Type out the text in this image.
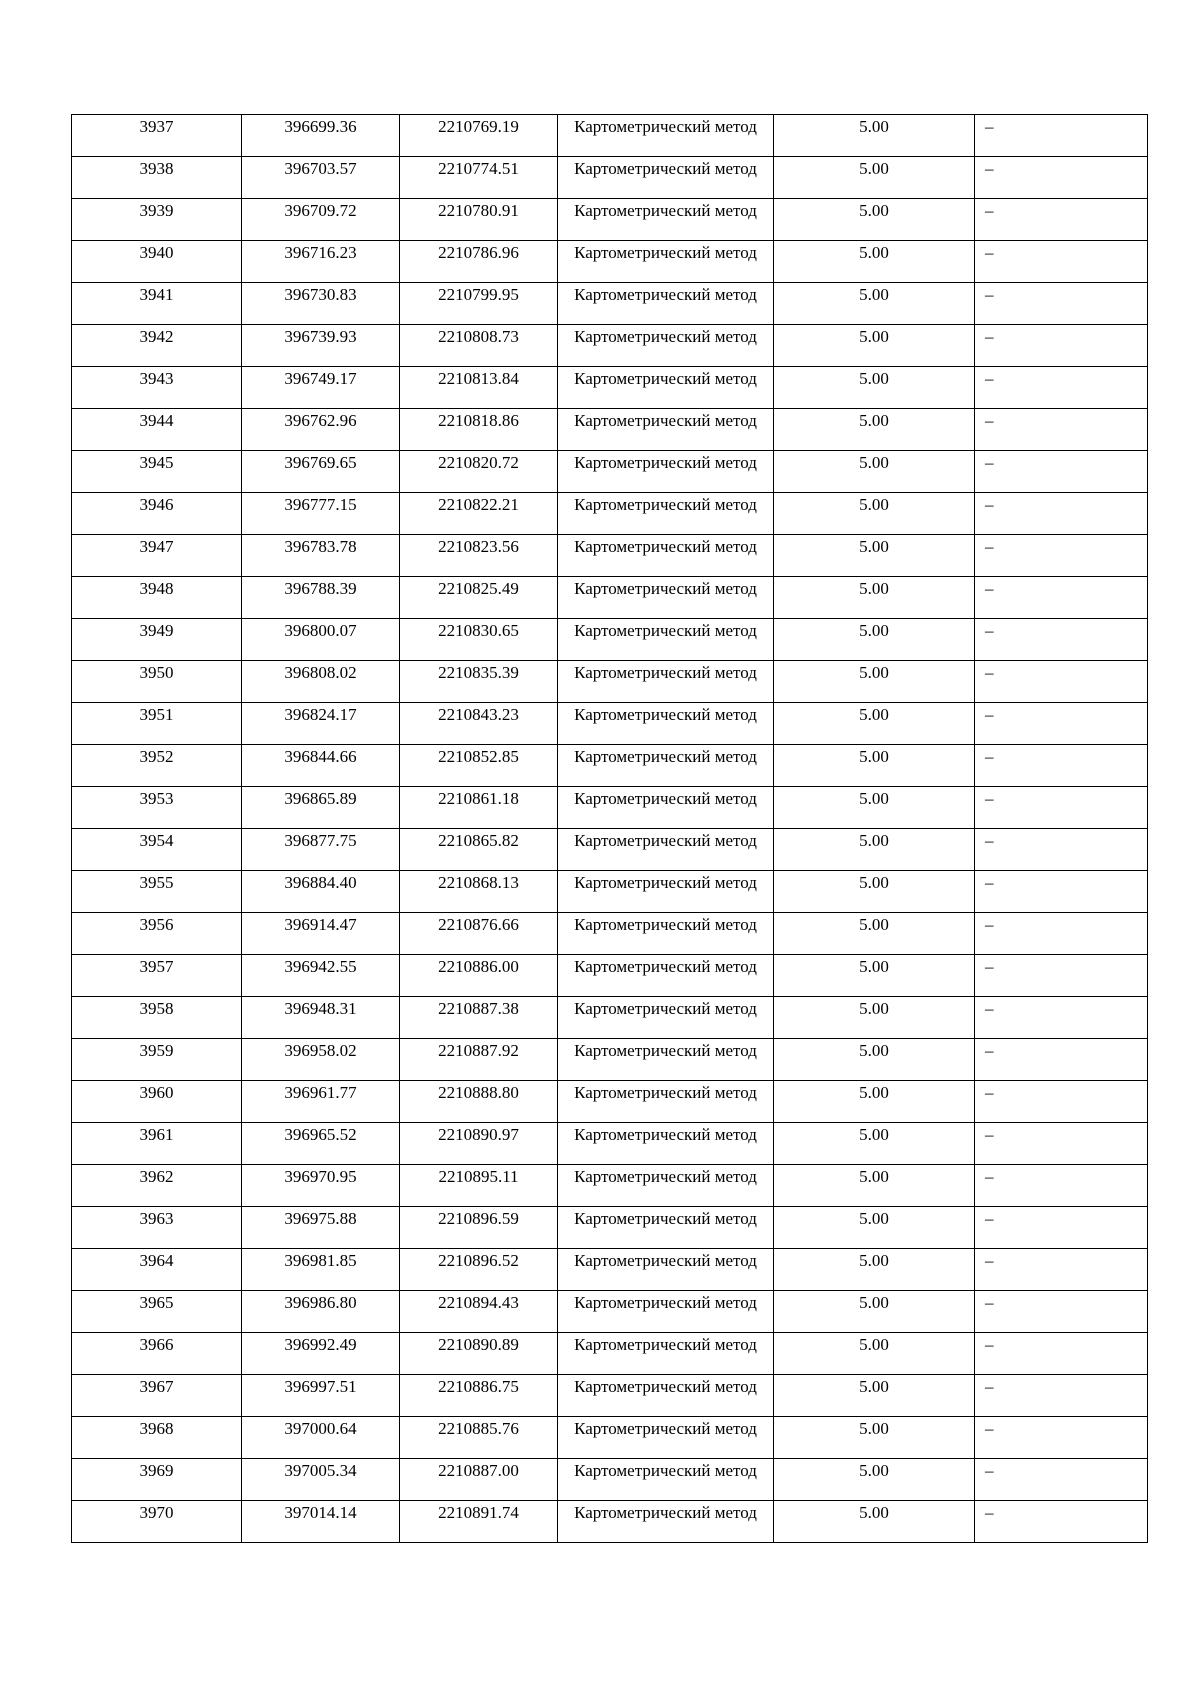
3937	396699.36	2210769.19	Картометрический метод	5.00	–

3938	396703.57	2210774.51	Картометрический метод	5.00	–

3939	396709.72	2210780.91	Картометрический метод	5.00	–

3940	396716.23	2210786.96	Картометрический метод	5.00	–

3941	396730.83	2210799.95	Картометрический метод	5.00	–

3942	396739.93	2210808.73	Картометрический метод	5.00	–

3943	396749.17	2210813.84	Картометрический метод	5.00	–

3944	396762.96	2210818.86	Картометрический метод	5.00	–

3945	396769.65	2210820.72	Картометрический метод	5.00	–

3946	396777.15	2210822.21	Картометрический метод	5.00	–

3947	396783.78	2210823.56	Картометрический метод	5.00	–

3948	396788.39	2210825.49	Картометрический метод	5.00	–

3949	396800.07	2210830.65	Картометрический метод	5.00	–

3950	396808.02	2210835.39	Картометрический метод	5.00	–

3951	396824.17	2210843.23	Картометрический метод	5.00	–

3952	396844.66	2210852.85	Картометрический метод	5.00	–

3953	396865.89	2210861.18	Картометрический метод	5.00	–

3954	396877.75	2210865.82	Картометрический метод	5.00	–

3955	396884.40	2210868.13	Картометрический метод	5.00	–

3956	396914.47	2210876.66	Картометрический метод	5.00	–

3957	396942.55	2210886.00	Картометрический метод	5.00	–

3958	396948.31	2210887.38	Картометрический метод	5.00	–

3959	396958.02	2210887.92	Картометрический метод	5.00	–

3960	396961.77	2210888.80	Картометрический метод	5.00	–

3961	396965.52	2210890.97	Картометрический метод	5.00	–

3962	396970.95	2210895.11	Картометрический метод	5.00	–

3963	396975.88	2210896.59	Картометрический метод	5.00	–

3964	396981.85	2210896.52	Картометрический метод	5.00	–

3965	396986.80	2210894.43	Картометрический метод	5.00	–

3966	396992.49	2210890.89	Картометрический метод	5.00	–

3967	396997.51	2210886.75	Картометрический метод	5.00	–

3968	397000.64	2210885.76	Картометрический метод	5.00	–

3969	397005.34	2210887.00	Картометрический метод	5.00	–

3970	397014.14	2210891.74	Картометрический метод	5.00	–
